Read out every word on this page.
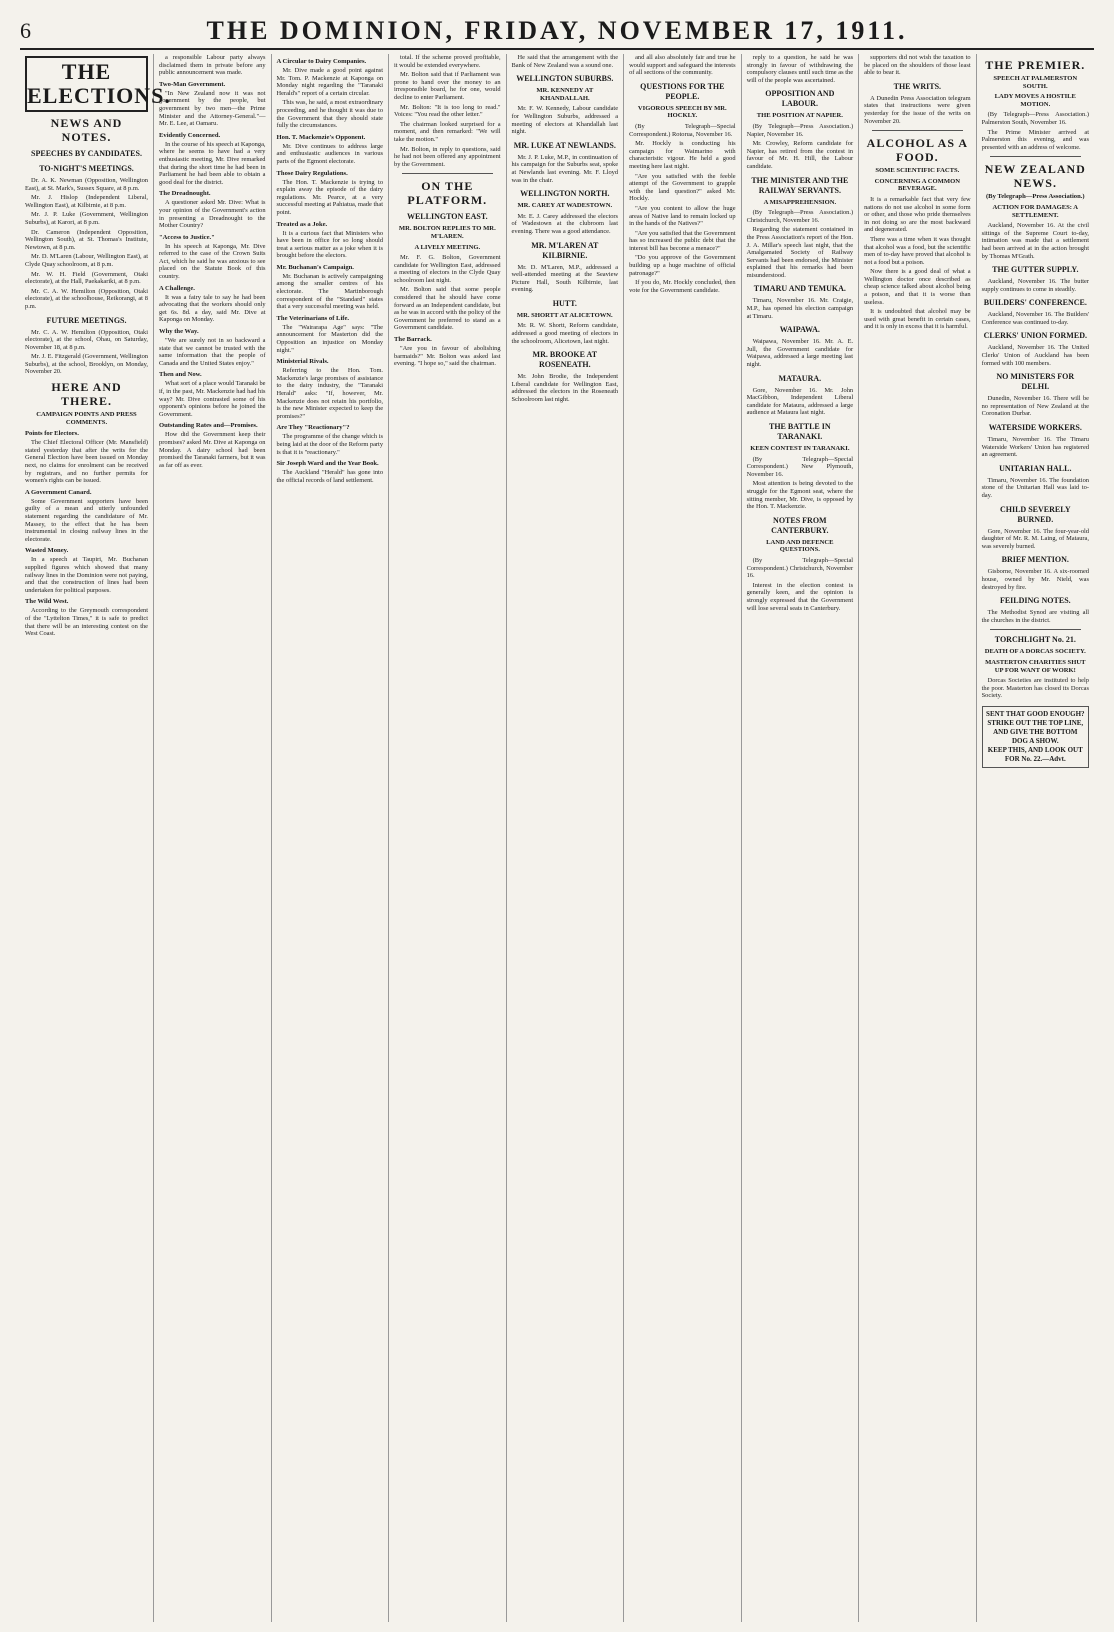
6	THE DOMINION, FRIDAY, NOVEMBER 17, 1911.
THE ELECTIONS.
NEWS AND NOTES.
SPEECHES BY CANDIDATES.
TO-NIGHT'S MEETINGS.

Dr. A. K. Newman (Opposition, Wellington East), at St. Mark's, Sussex Square, at 8 p.m.

Mr. J. Hislop (Independent Liberal, Wellington East), at Kilbirnie, at 8 p.m.

Mr. J. P. Luke (Government, Wellington Suburbs), at Karori, at 8 p.m.

Dr. Cameron (Independent Opposition, Wellington South), at St. Thomas's Institute, Newtown, at 8 p.m.

Mr. D. M'Laren (Labour, Wellington East), at Clyde Quay schoolroom, at 8 p.m.

Mr. W. H. Field (Government, Otaki electorate), at the Hall, Paekakariki, at 8 p.m.

Mr. C. A. W. Hemilton (Opposition, Otaki electorate), at the schoolhouse, Reikorangi, at 8 p.m.

FUTURE MEETINGS.

Mr. C. A. W. Hemilton (Opposition, Otaki electorate), at the school, Ohau, on Saturday, November 18, at 8 p.m.

Mr. J. E. Fitzgerald (Government, Wellington Suburbs), at the school, Brooklyn, on Monday, November 20.

HERE AND THERE.
CAMPAIGN POINTS AND PRESS COMMENTS.
Points for Electors.

The Chief Electoral Officer (Mr. Mansfield) stated yesterday that after the writs for the General Election have been issued on Monday next, no claims for enrolment can be received by registrars, and no further permits for women's rights can be issued.

A Government Canard.

Some Government supporters have been guilty of a mean and utterly unfounded statement regarding the candidature of Mr. Massey, to the effect that he has been instrumental in closing railway lines in the electorate.

Wasted Money.

In a speech at Taupiri, Mr. Buchanan supplied figures which showed that many railway lines in the Dominion were not paying, and that the construction of lines had been undertaken for political purposes.

The Wild West.

According to the Greymouth correspondent of the "Lyttelton Times," it is safe to predict that there will be an interesting contest on the West Coast.

a responsible Labour party always disclaimed them in private before any public announcement was made.

Two-Man Government.

"In New Zealand now it was not government by the people, but government by two men—the Prime Minister and the Attorney-General."—Mr. E. Lee, at Oamaru.

Evidently Concerned.

In the course of his speech at Kaponga, where he seems to have had a very enthusiastic meeting, Mr. Dive remarked that during the short time he had been in Parliament he had been able to obtain a good deal for the district.

The Dreadnought.

A questioner asked Mr. Dive: What is your opinion of the Government's action in presenting a Dreadnought to the Mother Country?

"Access to Justice."

In his speech at Kaponga, Mr. Dive referred to the case of the Crown Suits Act, which he said he was anxious to see placed on the Statute Book of this country.

A Challenge.

It was a fairy tale to say he had been advocating that the workers should only get 6s. 8d. a day, said Mr. Dive at Kaponga on Monday.

Why the Way.

"We are surely not in so backward a state that we cannot be trusted with the same information that the people of Canada and the United States enjoy."

Then and Now.

What sort of a place would Taranaki be if, in the past, Mr. Mackenzie had had his way? Mr. Dive contrasted some of his opponent's opinions before he joined the Government.

Outstanding Rates and—Promises.

How did the Government keep their promises? asked Mr. Dive at Kaponga on Monday. A dairy school had been promised the Taranaki farmers, but it was as far off as ever.

A Circular to Dairy Companies.

Mr. Dive made a good point against Mr. Tom. P. Mackenzie at Kaponga on Monday night regarding the "Taranaki Herald's" report of a certain circular.

This was, he said, a most extraordinary proceeding, and he thought it was due to the Government that they should state fully the circumstances.

Hon. T. Mackenzie's Opponent.

Mr. Dive continues to address large and enthusiastic audiences in various parts of the Egmont electorate.

Those Dairy Regulations.

The Hon. T. Mackenzie is trying to explain away the episode of the dairy regulations. Mr. Pearce, at a very successful meeting at Pahiatua, made that point.

Treated as a Joke.

It is a curious fact that Ministers who have been in office for so long should treat a serious matter as a joke when it is brought before the electors.

Mr. Buchanan's Campaign.

Mr. Buchanan is actively campaigning among the smaller centres of his electorate. The Martinborough correspondent of the "Standard" states that a very successful meeting was held.

The Veterinarians of Life.

The "Wairarapa Age" says: "The announcement for Masterton did the Opposition an injustice on Monday night."

Ministerial Rivals.

Referring to the Hon. Tom. Mackenzie's large promises of assistance to the dairy industry, the "Taranaki Herald" asks: "If, however, Mr. Mackenzie does not retain his portfolio, is the new Minister expected to keep the promises?"

Are They "Reactionary"?

The programme of the change which is being laid at the door of the Reform party is that it is "reactionary."

Sir Joseph Ward and the Year Book.

The Auckland "Herald" has gone into the official records of land settlement.

total. If the scheme proved profitable, it would be extended everywhere.

Mr. Bolton said that if Parliament was prone to hand over the money to an irresponsible board, he for one, would decline to enter Parliament.

Mr. Bolton: "It is too long to read." Voices: "You read the other letter."

The chairman looked surprised for a moment, and then remarked: "We will take the motion."

Mr. Bolton, in reply to questions, said he had not been offered any appointment by the Government.

ON THE PLATFORM.
WELLINGTON EAST.
MR. BOLTON REPLIES TO MR. M'LAREN.
A LIVELY MEETING.

Mr. F. G. Bolton, Government candidate for Wellington East, addressed a meeting of electors in the Clyde Quay schoolroom last night.

Mr. Bolton said that some people considered that he should have come forward as an Independent candidate, but as he was in accord with the policy of the Government he preferred to stand as a Government candidate.

The Barrack.

"Are you in favour of abolishing barmaids?" Mr. Bolton was asked last evening. "I hope so," said the chairman.

He said that the arrangement with the Bank of New Zealand was a sound one.

WELLINGTON SUBURBS.
MR. KENNEDY AT KHANDALLAH.

Mr. F. W. Kennedy, Labour candidate for Wellington Suburbs, addressed a meeting of electors at Khandallah last night.

MR. LUKE AT NEWLANDS.

Mr. J. P. Luke, M.P., in continuation of his campaign for the Suburbs seat, spoke at Newlands last evening. Mr. F. Lloyd was in the chair.

WELLINGTON NORTH.
MR. CAREY AT WADESTOWN.

Mr. E. J. Carey addressed the electors of Wadestown at the clubroom last evening. There was a good attendance.

MR. M'LAREN AT KILBIRNIE.

Mr. D. M'Laren, M.P., addressed a well-attended meeting at the Seaview Picture Hall, South Kilbirnie, last evening.

HUTT.
MR. SHORTT AT ALICETOWN.

Mr. R. W. Shortt, Reform candidate, addressed a good meeting of electors in the schoolroom, Alicetown, last night.

MR. BROOKE AT ROSENEATH.

Mr. John Brodie, the Independent Liberal candidate for Wellington East, addressed the electors in the Roseneath Schoolroom last night.

and all also absolutely fair and true he would support and safeguard the interests of all sections of the community.

QUESTIONS FOR THE PEOPLE.
VIGOROUS SPEECH BY MR. HOCKLY.

(By Telegraph—Special Correspondent.) Rotorua, November 16.

Mr. Hockly is conducting his campaign for Waimarino with characteristic vigour. He held a good meeting here last night.

"Are you satisfied with the feeble attempt of the Government to grapple with the land question?" asked Mr. Hockly.

"Are you content to allow the huge areas of Native land to remain locked up in the hands of the Natives?"

"Are you satisfied that the Government has so increased the public debt that the interest bill has become a menace?"

"Do you approve of the Government building up a huge machine of official patronage?"

If you do, Mr. Hockly concluded, then vote for the Government candidate.

reply to a question, he said he was strongly in favour of withdrawing the compulsory clauses until such time as the will of the people was ascertained.

OPPOSITION AND LABOUR.
THE POSITION AT NAPIER.

(By Telegraph—Press Association.) Napier, November 16.

Mr. Crowley, Reform candidate for Napier, has retired from the contest in favour of Mr. H. Hill, the Labour candidate.

THE MINISTER AND THE RAILWAY SERVANTS.
A MISAPPREHENSION.

(By Telegraph—Press Association.) Christchurch, November 16.

Regarding the statement contained in the Press Association's report of the Hon. J. A. Millar's speech last night, that the Amalgamated Society of Railway Servants had been endorsed, the Minister explained that his remarks had been misunderstood.

TIMARU AND TEMUKA.

Timaru, November 16. Mr. Craigie, M.P., has opened his election campaign at Timaru.

WAIPAWA.

Waipawa, November 16. Mr. A. E. Jull, the Government candidate for Waipawa, addressed a large meeting last night.

MATAURA.

Gore, November 16. Mr. John MacGibbon, Independent Liberal candidate for Mataura, addressed a large audience at Mataura last night.

THE BATTLE IN TARANAKI.
KEEN CONTEST IN TARANAKI.

(By Telegraph—Special Correspondent.) New Plymouth, November 16.

Most attention is being devoted to the struggle for the Egmont seat, where the sitting member, Mr. Dive, is opposed by the Hon. T. Mackenzie.

NOTES FROM CANTERBURY.
LAND AND DEFENCE QUESTIONS.

(By Telegraph—Special Correspondent.) Christchurch, November 16.

Interest in the election contest is generally keen, and the opinion is strongly expressed that the Government will lose several seats in Canterbury.

supporters did not wish the taxation to be placed on the shoulders of those least able to bear it.

THE WRITS.

A Dunedin Press Association telegram states that instructions were given yesterday for the issue of the writs on November 20.

ALCOHOL AS A FOOD.
SOME SCIENTIFIC FACTS.
CONCERNING A COMMON BEVERAGE.

It is a remarkable fact that very few nations do not use alcohol in some form or other, and those who pride themselves in not doing so are the most backward and degenerated.

There was a time when it was thought that alcohol was a food, but the scientific men of to-day have proved that alcohol is not a food but a poison.

Now there is a good deal of what a Wellington doctor once described as cheap science talked about alcohol being a poison, and that it is worse than useless.

It is undoubted that alcohol may be used with great benefit in certain cases, and it is only in excess that it is harmful.

THE PREMIER.
SPEECH AT PALMERSTON SOUTH.
LADY MOVES A HOSTILE MOTION.

(By Telegraph—Press Association.) Palmerston South, November 16.

The Prime Minister arrived at Palmerston this evening, and was presented with an address of welcome.

NEW ZEALAND NEWS.
(By Telegraph—Press Association.)
ACTION FOR DAMAGES: A SETTLEMENT.

Auckland, November 16. At the civil sittings of the Supreme Court to-day, intimation was made that a settlement had been arrived at in the action brought by Thomas M'Grath.

THE GUTTER SUPPLY.

Auckland, November 16. The butter supply continues to come in steadily.

BUILDERS' CONFERENCE.

Auckland, November 16. The Builders' Conference was continued to-day.

CLERKS' UNION FORMED.

Auckland, November 16. The United Clerks' Union of Auckland has been formed with 100 members.

NO MINISTERS FOR DELHI.

Dunedin, November 16. There will be no representation of New Zealand at the Coronation Durbar.

WATERSIDE WORKERS.

Timaru, November 16. The Timaru Waterside Workers' Union has registered an agreement.

UNITARIAN HALL.

Timaru, November 16. The foundation stone of the Unitarian Hall was laid to-day.

CHILD SEVERELY BURNED.

Gore, November 16. The four-year-old daughter of Mr. R. M. Laing, of Mataura, was severely burned.

BRIEF MENTION.

Gisborne, November 16. A six-roomed house, owned by Mr. Nield, was destroyed by fire.

FEILDING NOTES.

The Methodist Synod are visiting all the churches in the district.

TORCHLIGHT No. 21.
DEATH OF A DORCAS SOCIETY.
MASTERTON CHARITIES SHUT UP FOR WANT OF WORK!

Dorcas Societies are instituted to help the poor. Masterton has closed its Dorcas Society.

SENT THAT GOOD ENOUGH?
STRIKE OUT THE TOP LINE, AND GIVE THE BOTTOM DOG A SHOW.
KEEP THIS, AND LOOK OUT FOR No. 22.—Advt.
